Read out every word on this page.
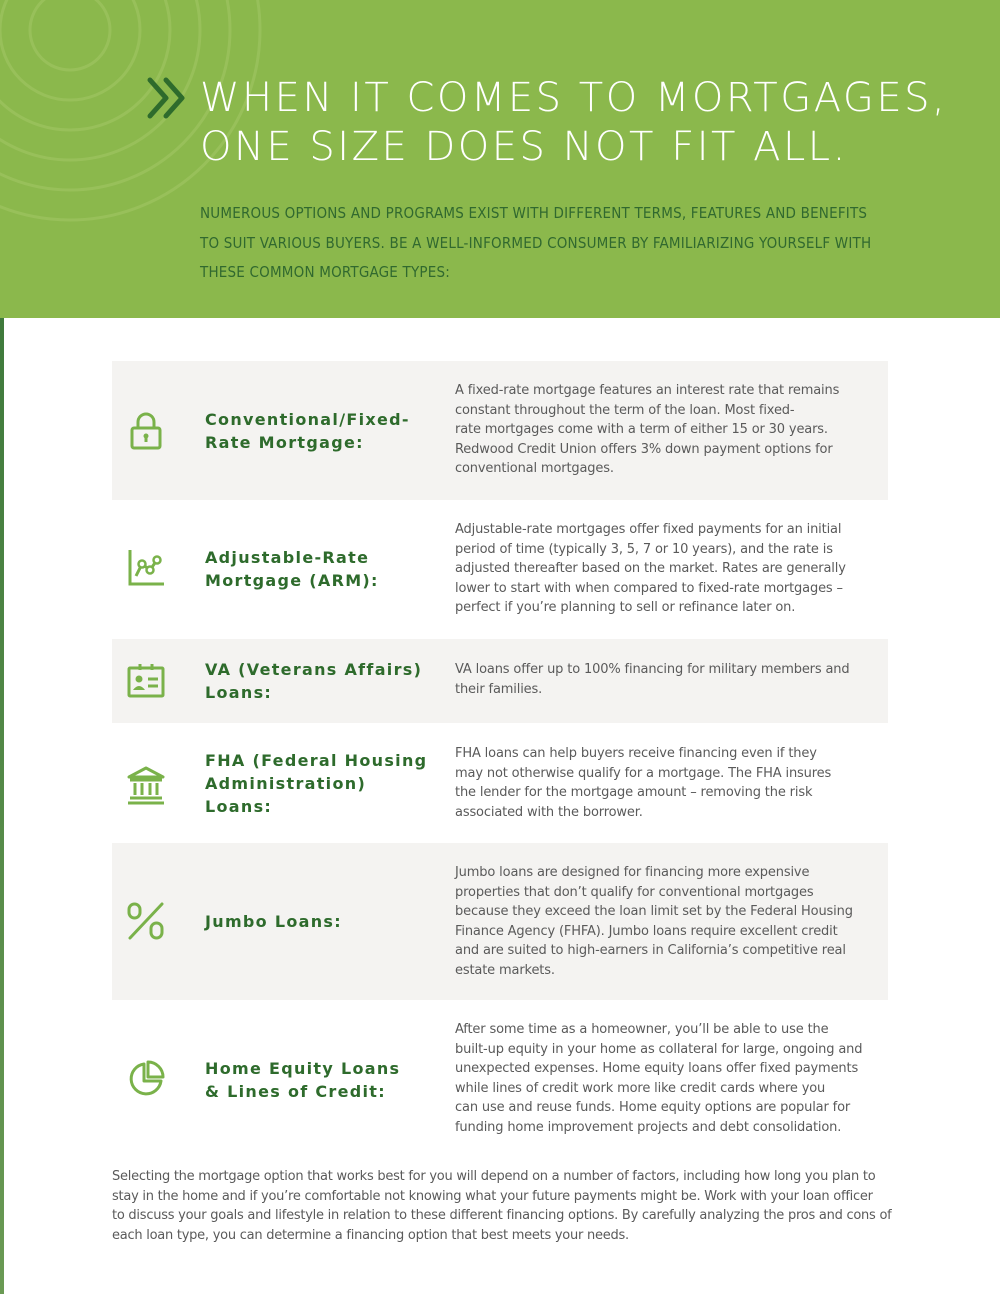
WHEN IT COMES TO MORTGAGES,
ONE SIZE DOES NOT FIT ALL.

NUMEROUS OPTIONS AND PROGRAMS EXIST WITH DIFFERENT TERMS, FEATURES AND BENEFITS
TO SUIT VARIOUS BUYERS. BE A WELL-INFORMED CONSUMER BY FAMILIARIZING YOURSELF WITH
THESE COMMON MORTGAGE TYPES:

Conventional/Fixed-
Rate Mortgage:
A fixed-rate mortgage features an interest rate that remains
constant throughout the term of the loan. Most fixed-
rate mortgages come with a term of either 15 or 30 years.
Redwood Credit Union offers 3% down payment options for
conventional mortgages.
Adjustable-Rate
Mortgage (ARM):
Adjustable-rate mortgages offer fixed payments for an initial
period of time (typically 3, 5, 7 or 10 years), and the rate is
adjusted thereafter based on the market. Rates are generally
lower to start with when compared to fixed-rate mortgages –
perfect if you’re planning to sell or refinance later on.
VA (Veterans Affairs)
Loans:
VA loans offer up to 100% financing for military members and
their families.
FHA (Federal Housing
Administration)
Loans:
FHA loans can help buyers receive financing even if they
may not otherwise qualify for a mortgage. The FHA insures
the lender for the mortgage amount – removing the risk
associated with the borrower.
Jumbo Loans:
Jumbo loans are designed for financing more expensive
properties that don’t qualify for conventional mortgages
because they exceed the loan limit set by the Federal Housing
Finance Agency (FHFA). Jumbo loans require excellent credit
and are suited to high-earners in California’s competitive real
estate markets.
Home Equity Loans
& Lines of Credit:
After some time as a homeowner, you’ll be able to use the
built-up equity in your home as collateral for large, ongoing and
unexpected expenses. Home equity loans offer fixed payments
while lines of credit work more like credit cards where you
can use and reuse funds. Home equity options are popular for
funding home improvement projects and debt consolidation.

Selecting the mortgage option that works best for you will depend on a number of factors, including how long you plan to
stay in the home and if you’re comfortable not knowing what your future payments might be. Work with your loan officer
to discuss your goals and lifestyle in relation to these different financing options. By carefully analyzing the pros and cons of
each loan type, you can determine a financing option that best meets your needs.
